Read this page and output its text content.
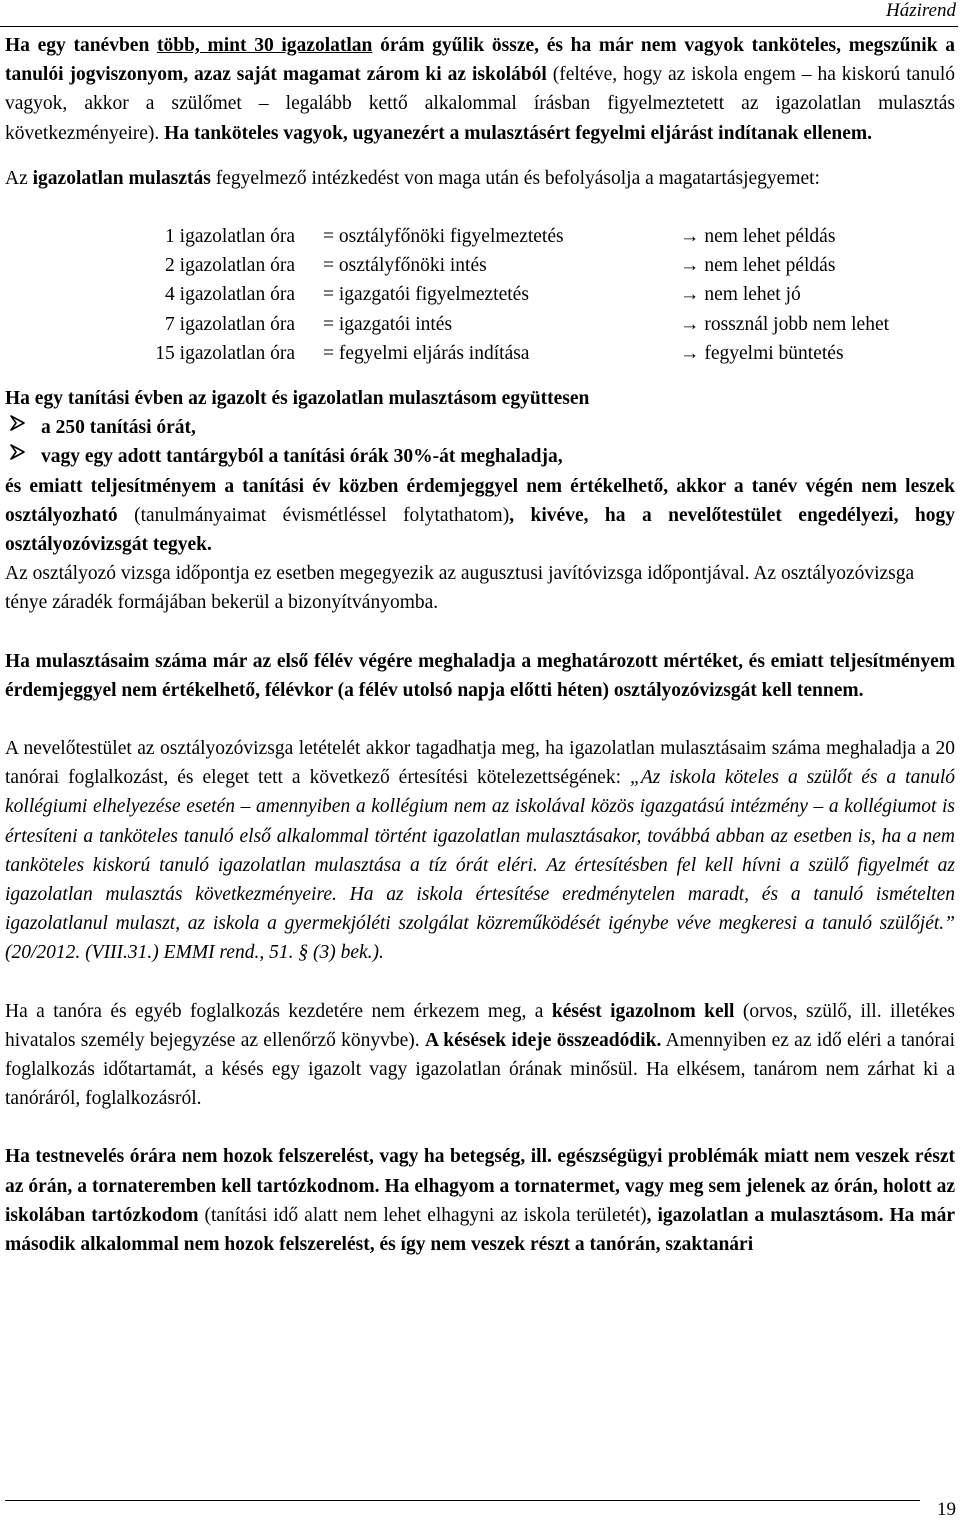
Házirend

Ha egy tanévben több, mint 30 igazolatlan órám gyűlik össze, és ha már nem vagyok tanköteles, megszűnik a tanulói jogviszonyom, azaz saját magamat zárom ki az iskolából (feltéve, hogy az iskola engem – ha kiskorú tanuló vagyok, akkor a szülőmet – legalább kettő alkalommal írásban figyelmeztetett az igazolatlan mulasztás következményeire). Ha tanköteles vagyok, ugyanezért a mulasztásért fegyelmi eljárást indítanak ellenem.

Az igazolatlan mulasztás fegyelmező intézkedést von maga után és befolyásolja a magatartásjegyemet:

1 igazolatlan óra	= osztályfőnöki figyelmeztetés	→ nem lehet példás
2 igazolatlan óra	= osztályfőnöki intés	→ nem lehet példás
4 igazolatlan óra	= igazgatói figyelmeztetés	→ nem lehet jó
7 igazolatlan óra	= igazgatói intés	→ rossznál jobb nem lehet
15 igazolatlan óra	= fegyelmi eljárás indítása	→ fegyelmi büntetés

Ha egy tanítási évben az igazolt és igazolatlan mulasztásom együttesen

a 250 tanítási órát,
vagy egy adott tantárgyból a tanítási órák 30%-át meghaladja,

és emiatt teljesítményem a tanítási év közben érdemjeggyel nem értékelhető, akkor a tanév végén nem leszek osztályozható (tanulmányaimat évismétléssel folytathatom), kivéve, ha a nevelőtestület engedélyezi, hogy osztályozóvizsgát tegyek.

Az osztályozó vizsga időpontja ez esetben megegyezik az augusztusi javítóvizsga időpontjával. Az osztályozóvizsga ténye záradék formájában bekerül a bizonyítványomba.

Ha mulasztásaim száma már az első félév végére meghaladja a meghatározott mértéket, és emiatt teljesítményem érdemjeggyel nem értékelhető, félévkor (a félév utolsó napja előtti héten) osztályozóvizsgát kell tennem.

A nevelőtestület az osztályozóvizsga letételét akkor tagadhatja meg, ha igazolatlan mulasztásaim száma meghaladja a 20 tanórai foglalkozást, és eleget tett a következő értesítési kötelezettségének: „Az iskola köteles a szülőt és a tanuló kollégiumi elhelyezése esetén – amennyiben a kollégium nem az iskolával közös igazgatású intézmény – a kollégiumot is értesíteni a tanköteles tanuló első alkalommal történt igazolatlan mulasztásakor, továbbá abban az esetben is, ha a nem tanköteles kiskorú tanuló igazolatlan mulasztása a tíz órát eléri. Az értesítésben fel kell hívni a szülő figyelmét az igazolatlan mulasztás következményeire. Ha az iskola értesítése eredménytelen maradt, és a tanuló ismételten igazolatlanul mulaszt, az iskola a gyermekjóléti szolgálat közreműködését igénybe véve megkeresi a tanuló szülőjét.” (20/2012. (VIII.31.) EMMI rend., 51. § (3) bek.).

Ha a tanóra és egyéb foglalkozás kezdetére nem érkezem meg, a késést igazolnom kell (orvos, szülő, ill. illetékes hivatalos személy bejegyzése az ellenőrző könyvbe). A késések ideje összeadódik. Amennyiben ez az idő eléri a tanórai foglalkozás időtartamát, a késés egy igazolt vagy igazolatlan órának minősül. Ha elkésem, tanárom nem zárhat ki a tanóráról, foglalkozásról.

Ha testnevelés órára nem hozok felszerelést, vagy ha betegség, ill. egészségügyi problémák miatt nem veszek részt az órán, a tornateremben kell tartózkodnom. Ha elhagyom a tornatermet, vagy meg sem jelenek az órán, holott az iskolában tartózkodom (tanítási idő alatt nem lehet elhagyni az iskola területét), igazolatlan a mulasztásom. Ha már második alkalommal nem hozok felszerelést, és így nem veszek részt a tanórán, szaktanári

19
